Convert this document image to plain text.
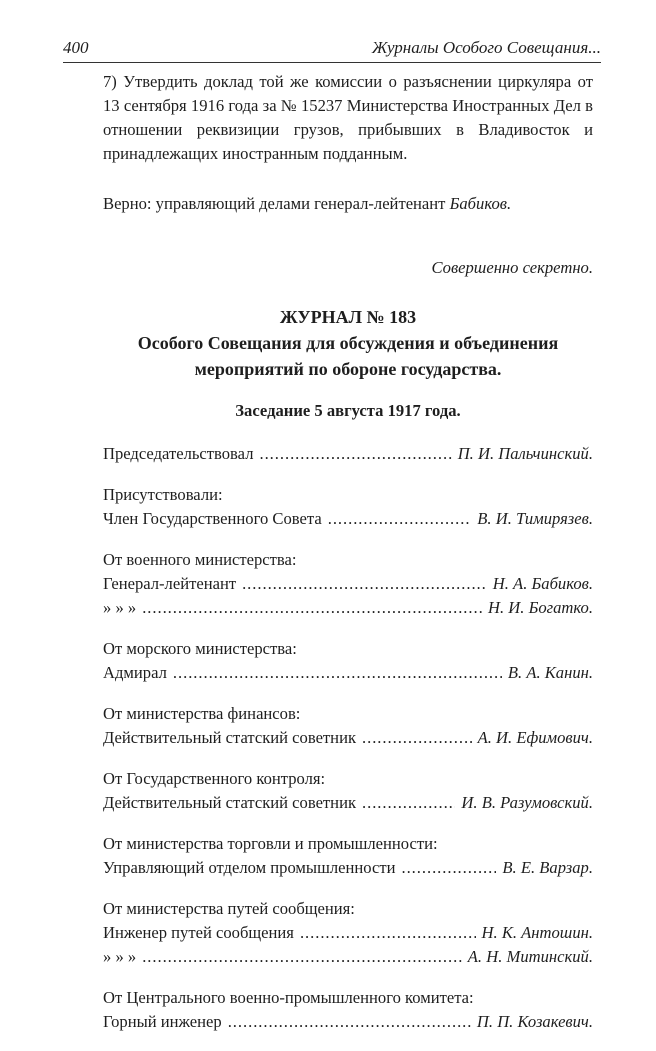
400	Журналы Особого Совещания...

7) Утвердить доклад той же комиссии о разъяснении циркуляра от 13 сентября 1916 года за № 15237 Министерства Иностранных Дел в отношении реквизиции грузов, прибывших в Владивосток и принадлежащих иностранным подданным.

Верно: управляющий делами генерал-лейтенант Бабиков.
Совершенно секретно.
ЖУРНАЛ № 183
Особого Совещания для обсуждения и объединения
мероприятий по обороне государства.
Заседание 5 августа 1917 года.
Председательствовал . . .	П. И. Пальчинский.
Присутствовали:
Член Государственного Совета . . .	В. И. Тимирязев.
От военного министерства:
Генерал-лейтенант . . .	Н. А. Бабиков.
» » » . . .	Н. И. Богатко.
От морского министерства:
Адмирал . . .	В. А. Канин.
От министерства финансов:
Действительный статский советник . . .	А. И. Ефимович.
От Государственного контроля:
Действительный статский советник . . .	И. В. Разумовский.
От министерства торговли и промышленности:
Управляющий отделом промышленности . . .	В. Е. Варзар.
От министерства путей сообщения:
Инженер путей сообщения . . .	Н. К. Антошин.
» » » . . .	А. Н. Митинский.
От Центрального военно-промышленного комитета:
Горный инженер . . .	П. П. Козакевич.
